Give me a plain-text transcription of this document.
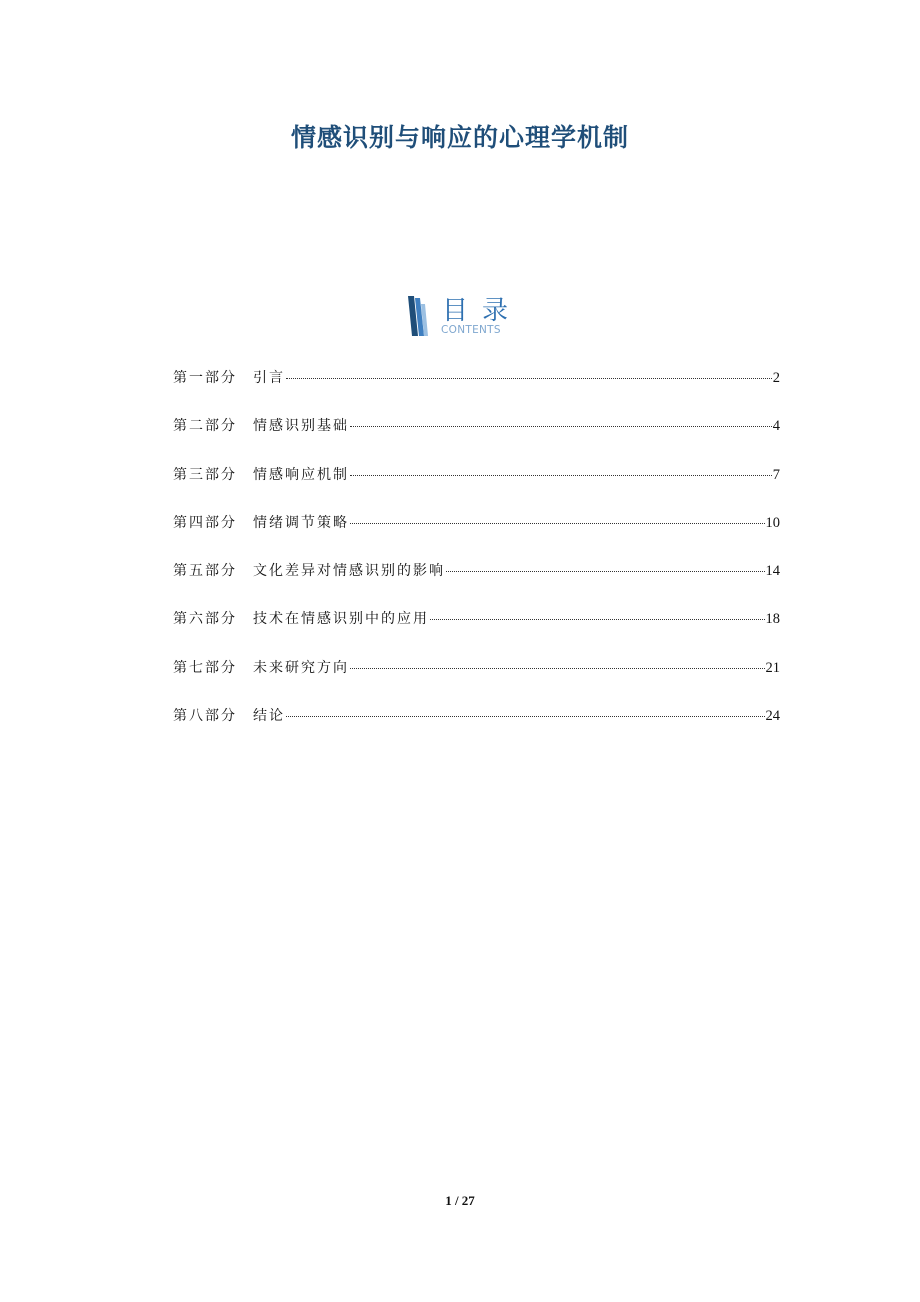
情感识别与响应的心理学机制
目录
CONTENTS
第一部分	引言	2
第二部分	情感识别基础	4
第三部分	情感响应机制	7
第四部分	情绪调节策略	10
第五部分	文化差异对情感识别的影响	14
第六部分	技术在情感识别中的应用	18
第七部分	未来研究方向	21
第八部分	结论	24
1 / 27
